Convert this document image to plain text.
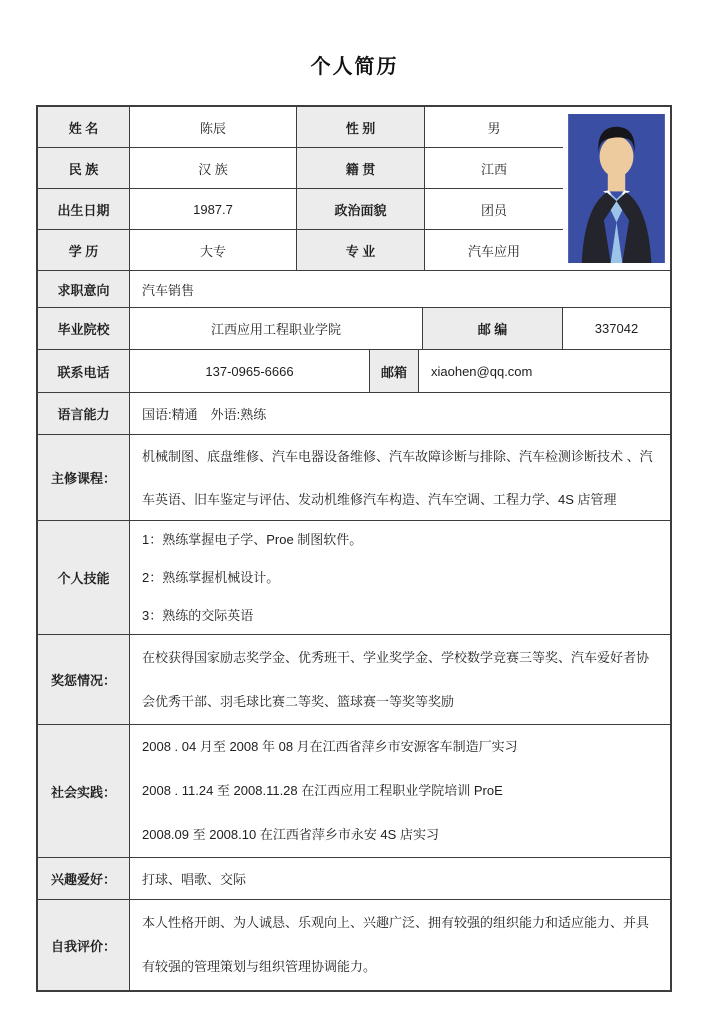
个人简历
姓 名	陈辰	性 别	男
民 族	汉 族	籍 贯	江西
出生日期	1987.7	政治面貌	团员
学 历	大专	专 业	汽车应用
求职意向	汽车销售
毕业院校	江西应用工程职业学院	邮 编	337042
联系电话	137-0965-6666	邮箱	xiaohen@qq.com
语言能力	国语:精通　外语:熟练
主修课程：
机械制图、底盘维修、汽车电器设备维修、汽车故障诊断与排除、汽车检测诊断技术 、汽车英语、旧车鉴定与评估、发动机维修汽车构造、汽车空调、工程力学、4S 店管理
个人技能
1：熟练掌握电子学、Proe 制图软件。
2：熟练掌握机械设计。
3：熟练的交际英语
奖惩情况：
在校获得国家励志奖学金、优秀班干、学业奖学金、学校数学竞赛三等奖、汽车爱好者协会优秀干部、羽毛球比赛二等奖、篮球赛一等奖等奖励
社会实践：
2008 . 04 月至 2008 年 08 月在江西省萍乡市安源客车制造厂实习
2008 . 11.24 至 2008.11.28 在江西应用工程职业学院培训 ProE
2008.09 至 2008.10 在江西省萍乡市永安 4S 店实习
兴趣爱好：	打球、唱歌、交际
自我评价：
本人性格开朗、为人诚恳、乐观向上、兴趣广泛、拥有较强的组织能力和适应能力、并具有较强的管理策划与组织管理协调能力。
